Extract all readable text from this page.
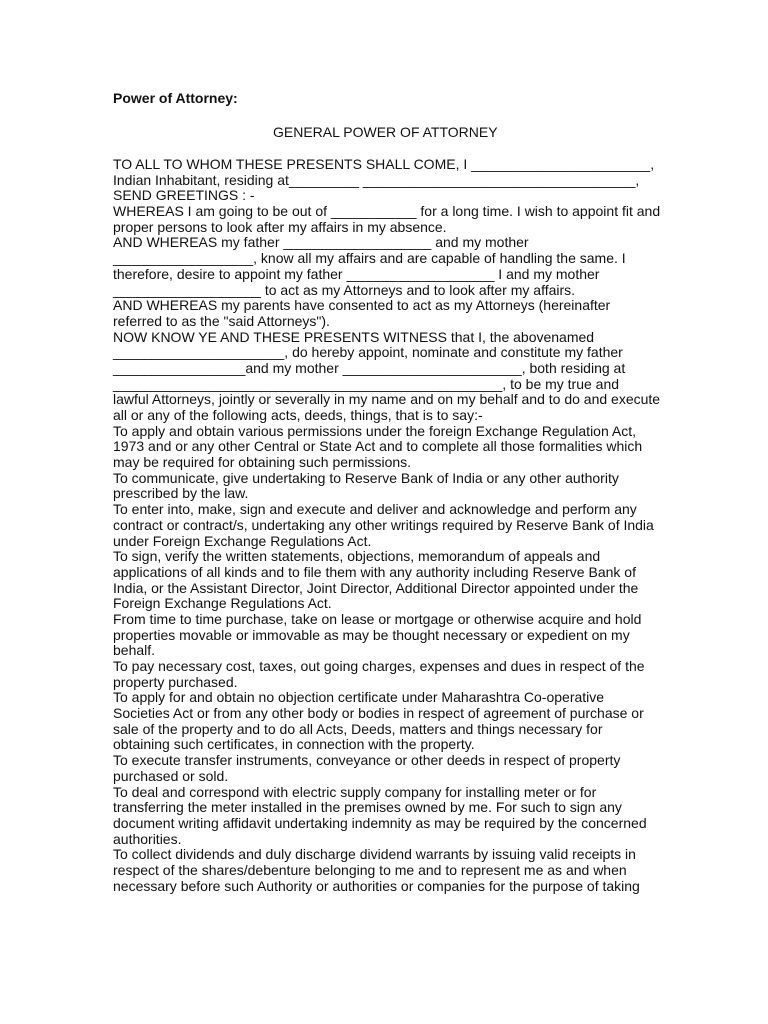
Power of Attorney:

GENERAL POWER OF ATTORNEY

TO ALL TO WHOM THESE PRESENTS SHALL COME, I _______________________,
Indian Inhabitant, residing at_________ ___________________________________,
SEND GREETINGS : -
WHEREAS I am going to be out of ___________ for a long time. I wish to appoint fit and
proper persons to look after my affairs in my absence.
AND WHEREAS my father ___________________ and my mother
__________________, know all my affairs and are capable of handling the same. I
therefore, desire to appoint my father ___________________ I and my mother
___________________ to act as my Attorneys and to look after my affairs.
AND WHEREAS my parents have consented to act as my Attorneys (hereinafter
referred to as the "said Attorneys").
NOW KNOW YE AND THESE PRESENTS WITNESS that I, the abovenamed
______________________, do hereby appoint, nominate and constitute my father
_________________and my mother _______________________, both residing at
__________________________________________________, to be my true and
lawful Attorneys, jointly or severally in my name and on my behalf and to do and execute
all or any of the following acts, deeds, things, that is to say:-
To apply and obtain various permissions under the foreign Exchange Regulation Act,
1973 and or any other Central or State Act and to complete all those formalities which
may be required for obtaining such permissions.
To communicate, give undertaking to Reserve Bank of India or any other authority
prescribed by the law.
To enter into, make, sign and execute and deliver and acknowledge and perform any
contract or contract/s, undertaking any other writings required by Reserve Bank of India
under Foreign Exchange Regulations Act.
To sign, verify the written statements, objections, memorandum of appeals and
applications of all kinds and to file them with any authority including Reserve Bank of
India, or the Assistant Director, Joint Director, Additional Director appointed under the
Foreign Exchange Regulations Act.
From time to time purchase, take on lease or mortgage or otherwise acquire and hold
properties movable or immovable as may be thought necessary or expedient on my
behalf.
To pay necessary cost, taxes, out going charges, expenses and dues in respect of the
property purchased.
To apply for and obtain no objection certificate under Maharashtra Co-operative
Societies Act or from any other body or bodies in respect of agreement of purchase or
sale of the property and to do all Acts, Deeds, matters and things necessary for
obtaining such certificates, in connection with the property.
To execute transfer instruments, conveyance or other deeds in respect of property
purchased or sold.
To deal and correspond with electric supply company for installing meter or for
transferring the meter installed in the premises owned by me. For such to sign any
document writing affidavit undertaking indemnity as may be required by the concerned
authorities.
To collect dividends and duly discharge dividend warrants by issuing valid receipts in
respect of the shares/debenture belonging to me and to represent me as and when
necessary before such Authority or authorities or companies for the purpose of taking
